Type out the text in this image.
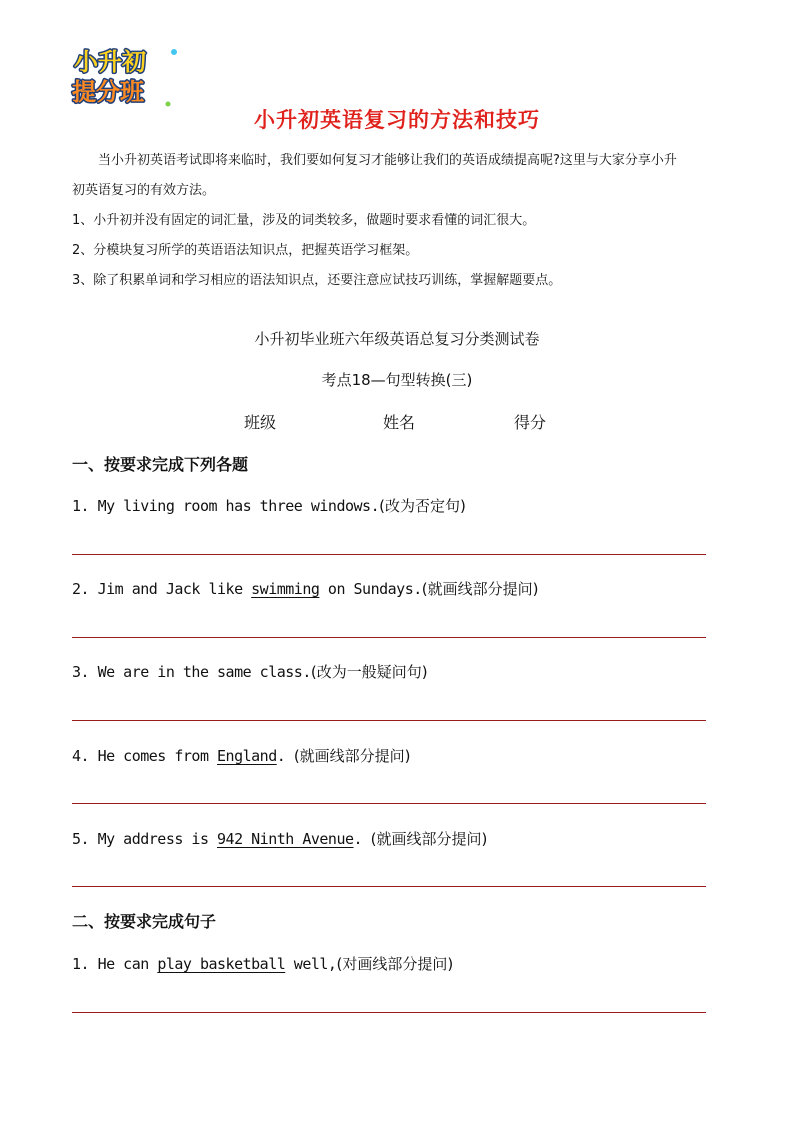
小升初
提分班
小升初英语复习的方法和技巧

当小升初英语考试即将来临时，我们要如何复习才能够让我们的英语成绩提高呢?这里与大家分享小升

初英语复习的有效方法。

1、小升初并没有固定的词汇量，涉及的词类较多，做题时要求看懂的词汇很大。

2、分模块复习所学的英语语法知识点，把握英语学习框架。

3、除了积累单词和学习相应的语法知识点，还要注意应试技巧训练，掌握解题要点。

小升初毕业班六年级英语总复习分类测试卷
考点18—句型转换(三)
班级	姓名	得分
一、按要求完成下列各题
1. My living room has three windows.(改为否定句)
2. Jim and Jack like swimming on Sundays.(就画线部分提问)
3. We are in the same class.(改为一般疑问句)
4. He comes from England. (就画线部分提问)
5. My address is 942 Ninth Avenue. (就画线部分提问)
二、按要求完成句子
1. He can play basketball well,(对画线部分提问)
